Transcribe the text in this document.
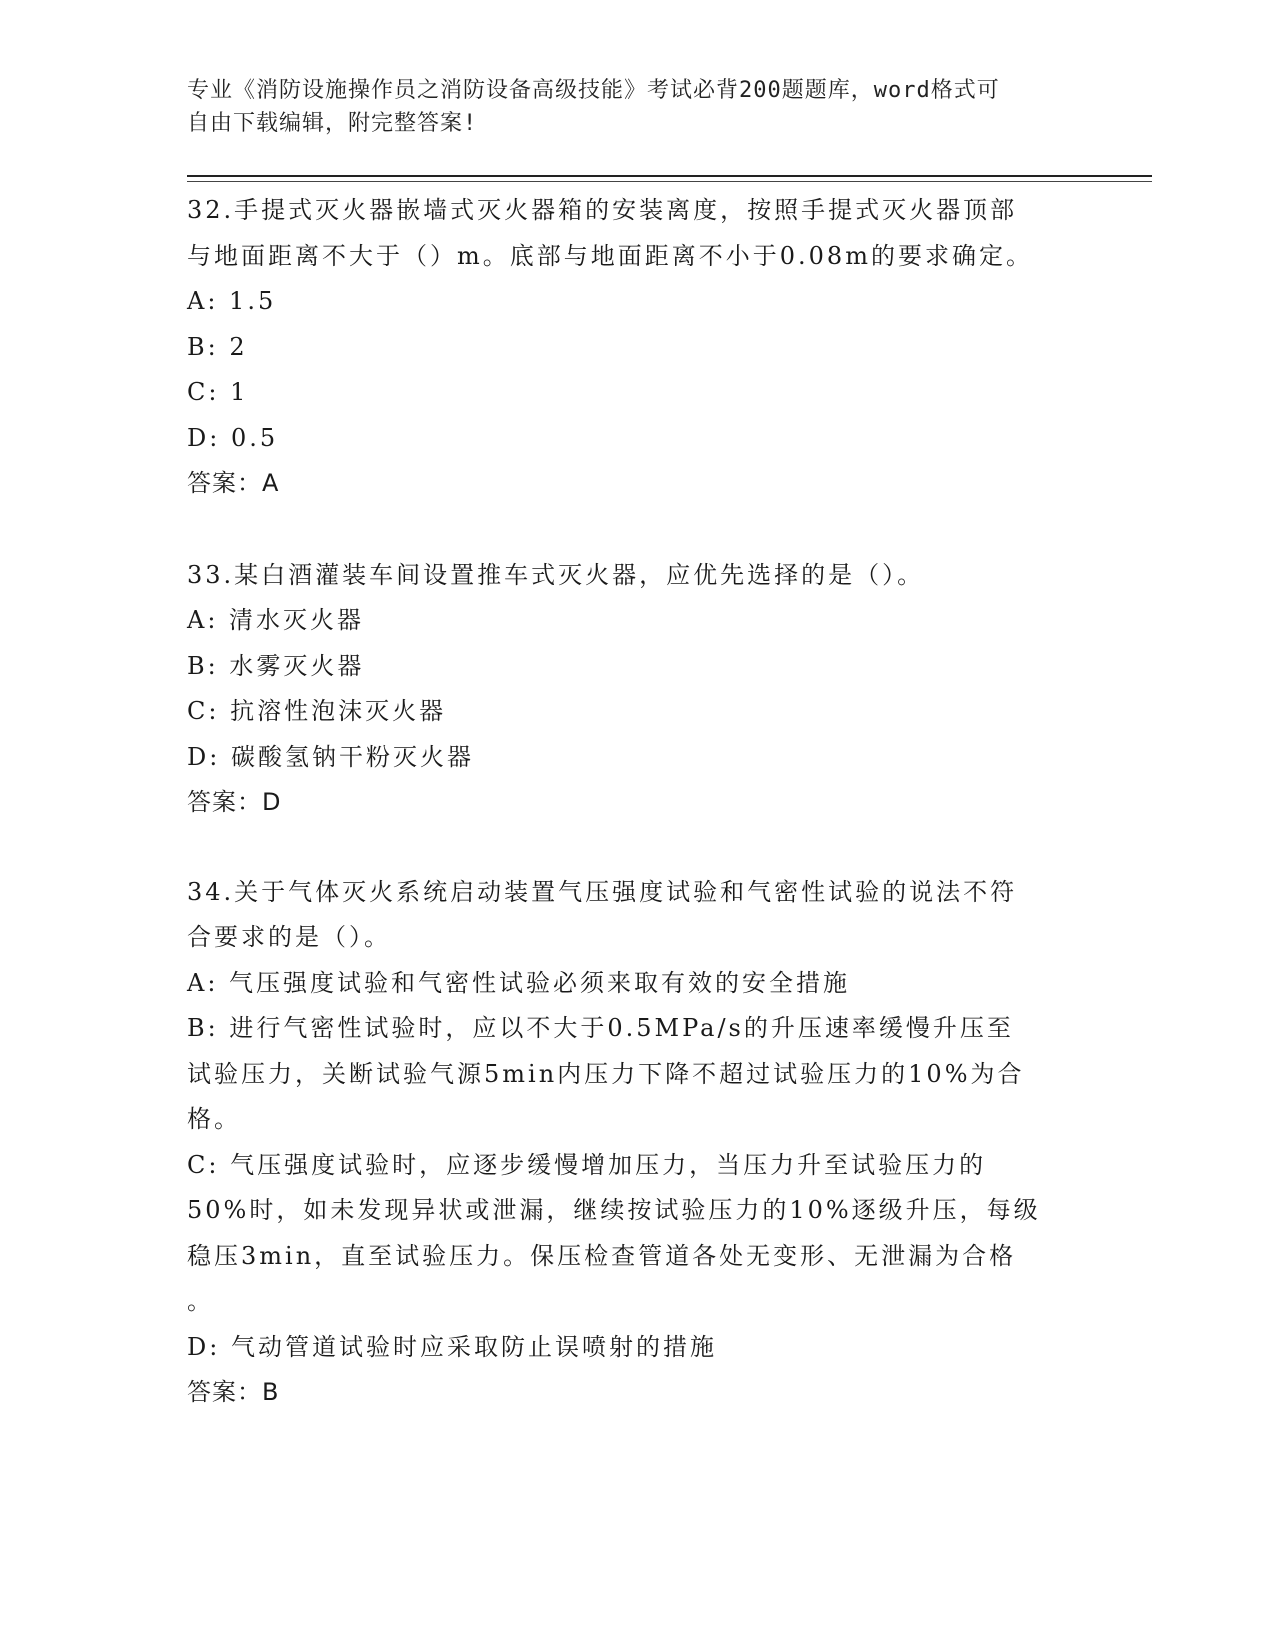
专业《消防设施操作员之消防设备高级技能》考试必背200题题库，word格式可
自由下载编辑，附完整答案!

32.手提式灭火器嵌墙式灭火器箱的安装离度，按照手提式灭火器顶部

与地面距离不大于（）m。底部与地面距离不小于0.08m的要求确定。

A: 1.5

B: 2

C: 1

D: 0.5

答案：A

33.某白酒灌装车间设置推车式灭火器，应优先选择的是（）。

A: 清水灭火器

B: 水雾灭火器

C: 抗溶性泡沫灭火器

D: 碳酸氢钠干粉灭火器

答案：D

34.关于气体灭火系统启动装置气压强度试验和气密性试验的说法不符

合要求的是（）。

A: 气压强度试验和气密性试验必须来取有效的安全措施

B: 进行气密性试验时，应以不大于0.5MPa/s的升压速率缓慢升压至

试验压力，关断试验气源5min内压力下降不超过试验压力的10%为合

格。

C: 气压强度试验时，应逐步缓慢增加压力，当压力升至试验压力的

50%时，如未发现异状或泄漏，继续按试验压力的10%逐级升压，每级

稳压3min，直至试验压力。保压检查管道各处无变形、无泄漏为合格

。

D: 气动管道试验时应采取防止误喷射的措施

答案：B
